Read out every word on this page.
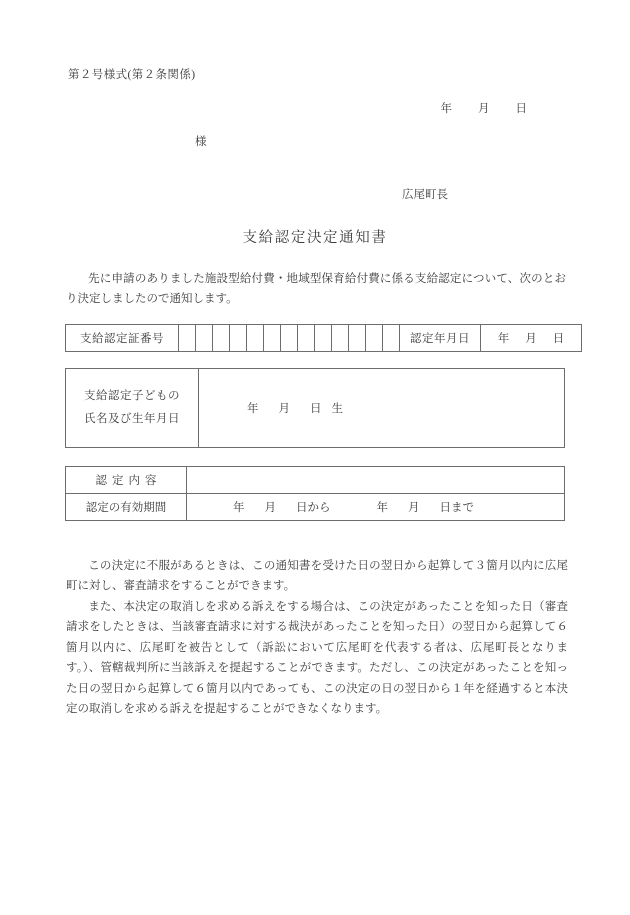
第２号様式(第２条関係)
年 月 日
様
広尾町長
支給認定決定通知書
先に申請のありました施設型給付費・地域型保育給付費に係る支給認定について、次のとおり決定しましたので通知します。
支給認定証番号														認定年月日	年 月 日
支給認定子どもの
氏名及び生年月日
	年 月 日 生
認定内容	
認定の有効期間	年 月 日から 年 月 日まで

この決定に不服があるときは、この通知書を受けた日の翌日から起算して３箇月以内に広尾町に対し、審査請求をすることができます。

また、本決定の取消しを求める訴えをする場合は、この決定があったことを知った日（審査請求をしたときは、当該審査請求に対する裁決があったことを知った日）の翌日から起算して６箇月以内に、広尾町を被告として（訴訟において広尾町を代表する者は、広尾町長となります。）、管轄裁判所に当該訴えを提起することができます。ただし、この決定があったことを知った日の翌日から起算して６箇月以内であっても、この決定の日の翌日から１年を経過すると本決定の取消しを求める訴えを提起することができなくなります。
